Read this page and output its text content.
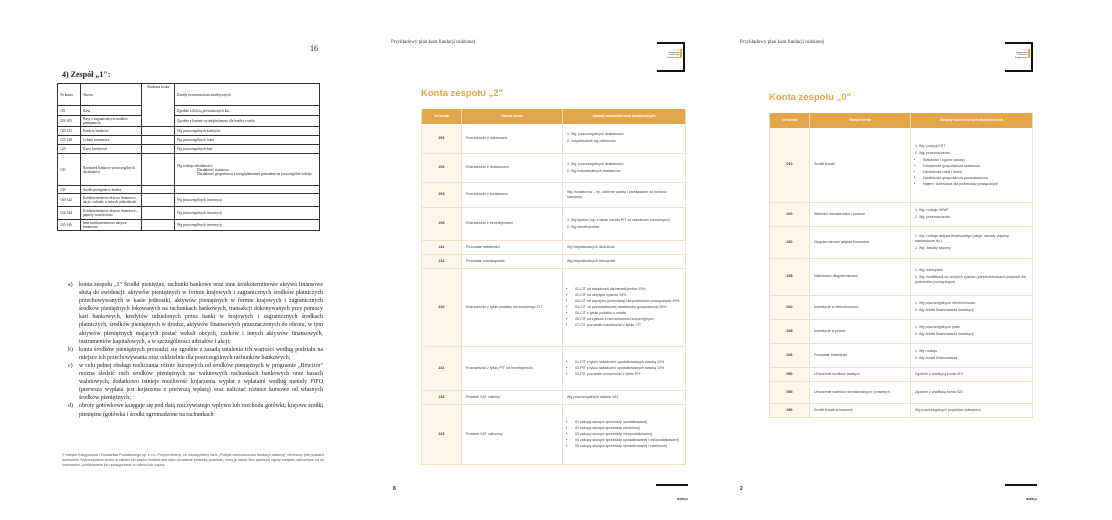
16
4) Zespół „1":
Nr konta	Nazwa	Struktura konta	Zasady tworzenia kont analitycznych
101	Kasa		Zgodnie z ilością prowadzonych kas
102-105	Kasy z zagranicznych środków pieniężnych		Zgodnie z kasami wyodrębnionymi dla każdej z walut
120-125	Kredyty bankowe		Wg poszczególnych kredytów
125-128	Lokaty terminowe		Wg poszczególnych lokat
129	Karty kredytowe		Wg poszczególnych kart
130	Rachunek bankowy poszczególnych działalności		Wg rodzaju działalności:
Działalność statutowa
Działalność gospodarcza z uwzględnieniem podziałem na poszczególne rodzaje

139	Środki pieniężne w drodze		
140-142	Krótkoterminowe aktywa finansowe, akcje i udziały w innych jednostkach		Wg poszczególnych inwestycji
142-144	Krótkoterminowe aktywa finansowe – papiery wartościowe		Wg poszczególnych inwestycji
145-146	Inne krótkoterminowe aktywa finansowe		Wg poszczególnych inwestycji
a) konta zespołu „1" Środki pieniężne, rachunki bankowe oraz inne krótkoterminowe aktywa finansowe służą do ewidencji: aktywów pieniężnych w formie krajowych i zagranicznych środków płatniczych przechowywanych w kasie jednostki, aktywów pieniężnych w formie krajowych i zagranicznych środków pieniężnych lokowanych na rachunkach bankowych, transakcji dokonywanych przy pomocy kart bankowych, kredytów udzielonych przez banki w krajowych i zagranicznych środkach płatniczych, środków pieniężnych w drodze, aktywów finansowych przeznaczonych do obrotu, w tym aktywów pieniężnych mających postać weksli obcych, czeków i innych aktywów finansowych, instrumentów kapitałowych, a w szczególności udziałów i akcji;
b) konta środków pieniężnych prowadzi się zgodnie z zasadą ustalenia ich wartości według podziału na miejsce ich przechowywania oraz oddzielnie dla poszczególnych rachunków bankowych;
c) w celu pełnej obsługi rozliczania różnic kursowych od środków pieniężnych w programie „Rewizor" można śledzić ruch środków pieniężnych na walutowych rachunkach bankowych oraz kasach walutowych; dodatkowo istnieje możliwość kojarzenia wypłat z wpłatami według metody FIFO (pierwsza wypłata jest kojarzona z pierwszą wpłatą) oraz naliczać różnice kursowe od własnych środków pieniężnych;
d) obroty gotówkowe księguje się pod datą rzeczywistego wpływu lub rozchodu gotówki; krajowe środki pieniężne (gotówka i środki zgromadzone na rachunkach
© Instytut Księgowości i Doradztwa Podatkowego sp. z o.o. Przypominamy, że udostępniony wzór „Polityki rachunkowości fundacji rodzinnej" chroniony jest prawami autorskimi. Wykorzystanie wzoru w całości lub części możliwe jest tylko na własne potrzeby podmiotu, który je nabył. Bez pisemnej zgody Instytutu zabronione są ich kopiowanie, publikowanie lub udostępnianie w całości lub części.
Przykładowy plan kont fundacji rodzinnej
Instytut
Księgowości
i Doradztwa
Podatkowego
Konta zespołu „2"
Nr konta	Nazwa konta	Zasady tworzenia kont analitycznych
201	Rozrachunki z odbiorcami	1. Wg. poszczególnych działalności
2. Indywidualnie wg odbiorców

202	Rozrachunki z dostawcami	1. Wg. poszczególnych działalności
2. Wg indywidualnych dostawców

203	Rozrachunki z fundatorem	Wg. fundatorów – np. należne wpłaty i przekazanie na fundusz statutowy

204	Rozrachunki z beneficjentami	1. Wg tytułów (np. z tytułu zwrotu PIT ze świadczeń rzeczowych)
2. Wg beneficjentów

211	Pozostałe należności	Wg indywidualnych dłużników
212	Pozostałe zobowiązania	Wg indywidualnych wierzycieli
220	Rozrachunki z tytułu podatku dochodowego CIT	
• 01-CIT od świadczeń dla beneficjentów 15%
• 02-CIT od ukrytych zysków 15%
• 03-CIT od wynajmu (dzierżawy) dla podmiotów powiązanych 19%
• 04-CIT od pozaustawowej działalności gospodarczej 25%
• 05-CIT z tytułu podatku u źródła
• 06-CIT od zysków z nieruchomości komercyjnych
• 07-CIT pozostałe rozrachunki z tytułu CIT

221	Rozrachunki z tytułu PIT od beneficjentów	
• 01-PIT z tytułu świadczeń opodatkowanych stawką 10%
• 02-PIT z tytułu świadczeń opodatkowanych stawką 15%
• 03-PIT pozostałe rozrachunki z tytułu PIT

222	Podatek VAT należny	Wg poszczególnych stawek VAT
223	Podatek VAT naliczony	
• 01 zakupy służące sprzedaży opodatkowanej
• 02 zakupy służące sprzedaży zwolnionej
• 03 zakupy służące sprzedaży nieopodatkowanej
• 04 zakupy służące sprzedaży opodatkowanej i nieopodatkowanej
• 05 zakupy służące sprzedaży opodatkowanej i zwolnionej
8
IKIDP.pl
Przykładowy plan kont fundacji rodzinnej
Instytut
Księgowości
i Doradztwa
Podatkowego
Konta zespołu „0"
Nr konta	Nazwa konta	Zasady tworzenia kont analitycznych
010	Środki trwałe	
1. Wg. pozycji KŚT
2. Wg. przeznaczenia:
• Statutowe i ogólne zasady
• Działalność gospodarcza ustawowa
• Działalność rolna i leśna
• Działalność gospodarcza pozaustawowa
• Najem i dzierżawa dla podmiotów powiązanych

020	Wartości niematerialne i prawne	1. Wg. rodzaju WNiP
2. Wg. przeznaczenia

030	Długoterminowe aktywa finansowe	1. Wg. rodzaju aktywa finansowego (akcje, udziały, papiery wartościowe itp.)
2. Wg. zasady wyceny

035	Należności długoterminowe	1. Wg. wierzycieli
2. Wg. kwalifikacji do ukrytych zysków (przeterminowane pożyczki dla podmiotów powiązanych)

040	Inwestycje w nieruchomości	1. Wg poszczególnych nieruchomości.
2. Wg źródła finansowania inwestycji

045	Inwestycje w prawa	1. Wg poszczególnych praw
2. Wg źródła finansowania inwestycji

046	Pozostałe inwestycje	1. Wg rodzaju
2. Wg źródeł finansowania

050	Umorzenie środków trwałych	Zgodnie z analityką konta 010
055	Umorzenie wartości niematerialnych i prawnych	Zgodnie z analityką konta 020
080	Środki trwałe w budowie	Wg poszczególnych projektów (zakupów)
2
IKIDP.pl
